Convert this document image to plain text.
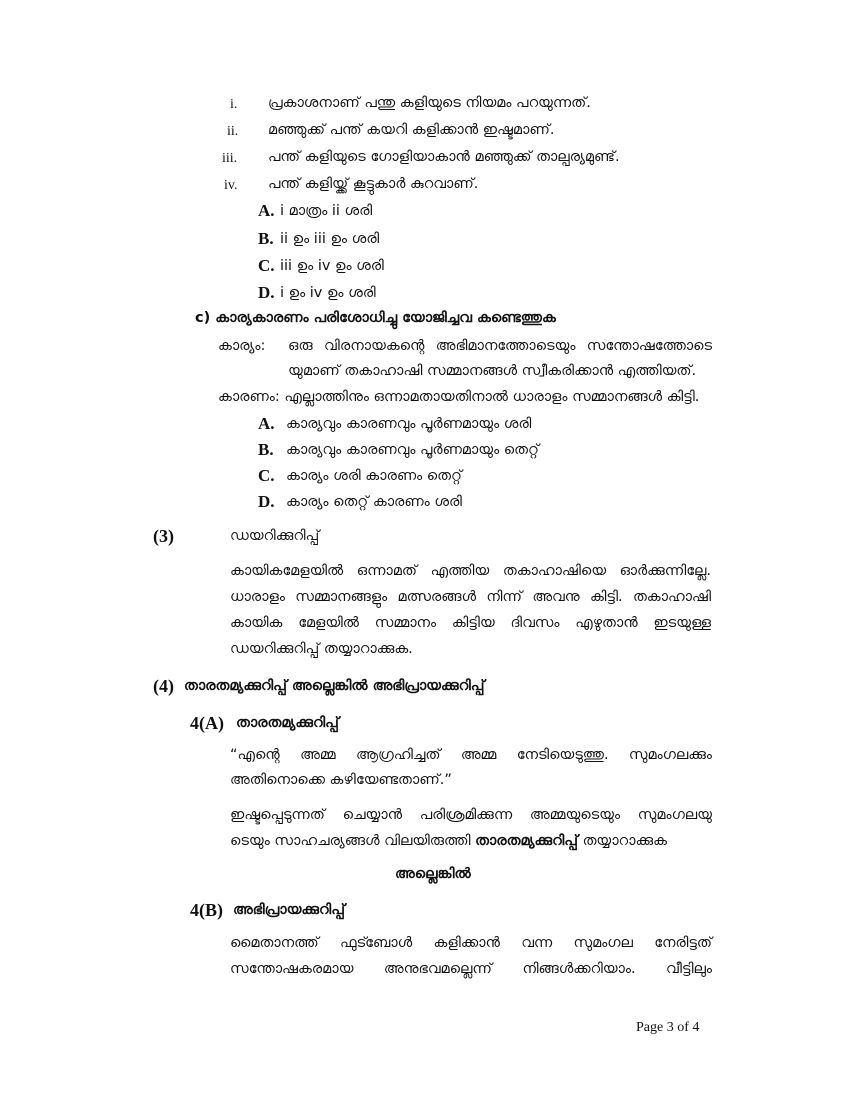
i. പ്രകാശനാണ് പന്തു കളിയുടെ നിയമം പറയുന്നത്.
ii. മഞ്ഞുക്ക് പന്ത് കയറി കളിക്കാൻ ഇഷ്ടമാണ്.
iii. പന്ത് കളിയുടെ ഗോളിയാകാൻ മഞ്ഞുക്ക് താല്പര്യമുണ്ട്.
iv. പന്ത് കളിയ്ക്ക് കൂട്ടുകാർ കുറവാണ്.
A. i മാത്രം ii ശരി
B. ii ഉം iii ഉം ശരി
C. iii ഉം iv ഉം ശരി
D. i ഉം iv ഉം ശരി
c) കാര്യകാരണം പരിശോധിച്ചു യോജിച്ചവ കണ്ടെത്തുക
കാര്യം: ഒരു വിരനായകന്റെ അഭിമാനത്തോടെയും സന്തോഷത്തോടെ
യുമാണ് തകാഹാഷി സമ്മാനങ്ങൾ സ്വീകരിക്കാൻ എത്തിയത്.
കാരണം: എല്ലാത്തിനും ഒന്നാമതായതിനാൽ ധാരാളം സമ്മാനങ്ങൾ കിട്ടി.
A. കാര്യവും കാരണവും പൂർണമായും ശരി
B. കാര്യവും കാരണവും പൂർണമായും തെറ്റ്
C. കാര്യം ശരി കാരണം തെറ്റ്
D. കാര്യം തെറ്റ് കാരണം ശരി
(3)	ഡയറിക്കുറിപ്പ്
കായികമേളയിൽ ഒന്നാമത് എത്തിയ തകാഹാഷിയെ ഓർക്കുന്നില്ലേ.
ധാരാളം സമ്മാനങ്ങളും മത്സരങ്ങൾ നിന്ന് അവനു കിട്ടി. തകാഹാഷി
കായിക മേളയിൽ സമ്മാനം കിട്ടിയ ദിവസം എഴുതാൻ ഇടയുള്ള
ഡയറിക്കുറിപ്പ് തയ്യാറാക്കുക.
(4) താരതമ്യക്കുറിപ്പ് അല്ലെങ്കിൽ അഭിപ്രായക്കുറിപ്പ്
4(A) താരതമ്യക്കുറിപ്പ്
“എന്റെ അമ്മ ആഗ്രഹിച്ചത് അമ്മ നേടിയെടുത്തു. സുമംഗലക്കും
അതിനൊക്കെ കഴിയേണ്ടതാണ്.”
ഇഷ്ടപ്പെടുന്നത് ചെയ്യാൻ പരിശ്രമിക്കുന്ന അമ്മയുടെയും സുമംഗലയു
ടെയും സാഹചര്യങ്ങൾ വിലയിരുത്തി താരതമ്യക്കുറിപ്പ് തയ്യാറാക്കുക
അല്ലെങ്കിൽ
4(B) അഭിപ്രായക്കുറിപ്പ്
മൈതാനത്ത് ഫുട്ബോൾ കളിക്കാൻ വന്ന സുമംഗല നേരിട്ടത്
സന്തോഷകരമായ അനുഭവമല്ലെന്ന് നിങ്ങൾക്കറിയാം. വീട്ടിലും
Page 3 of 4
